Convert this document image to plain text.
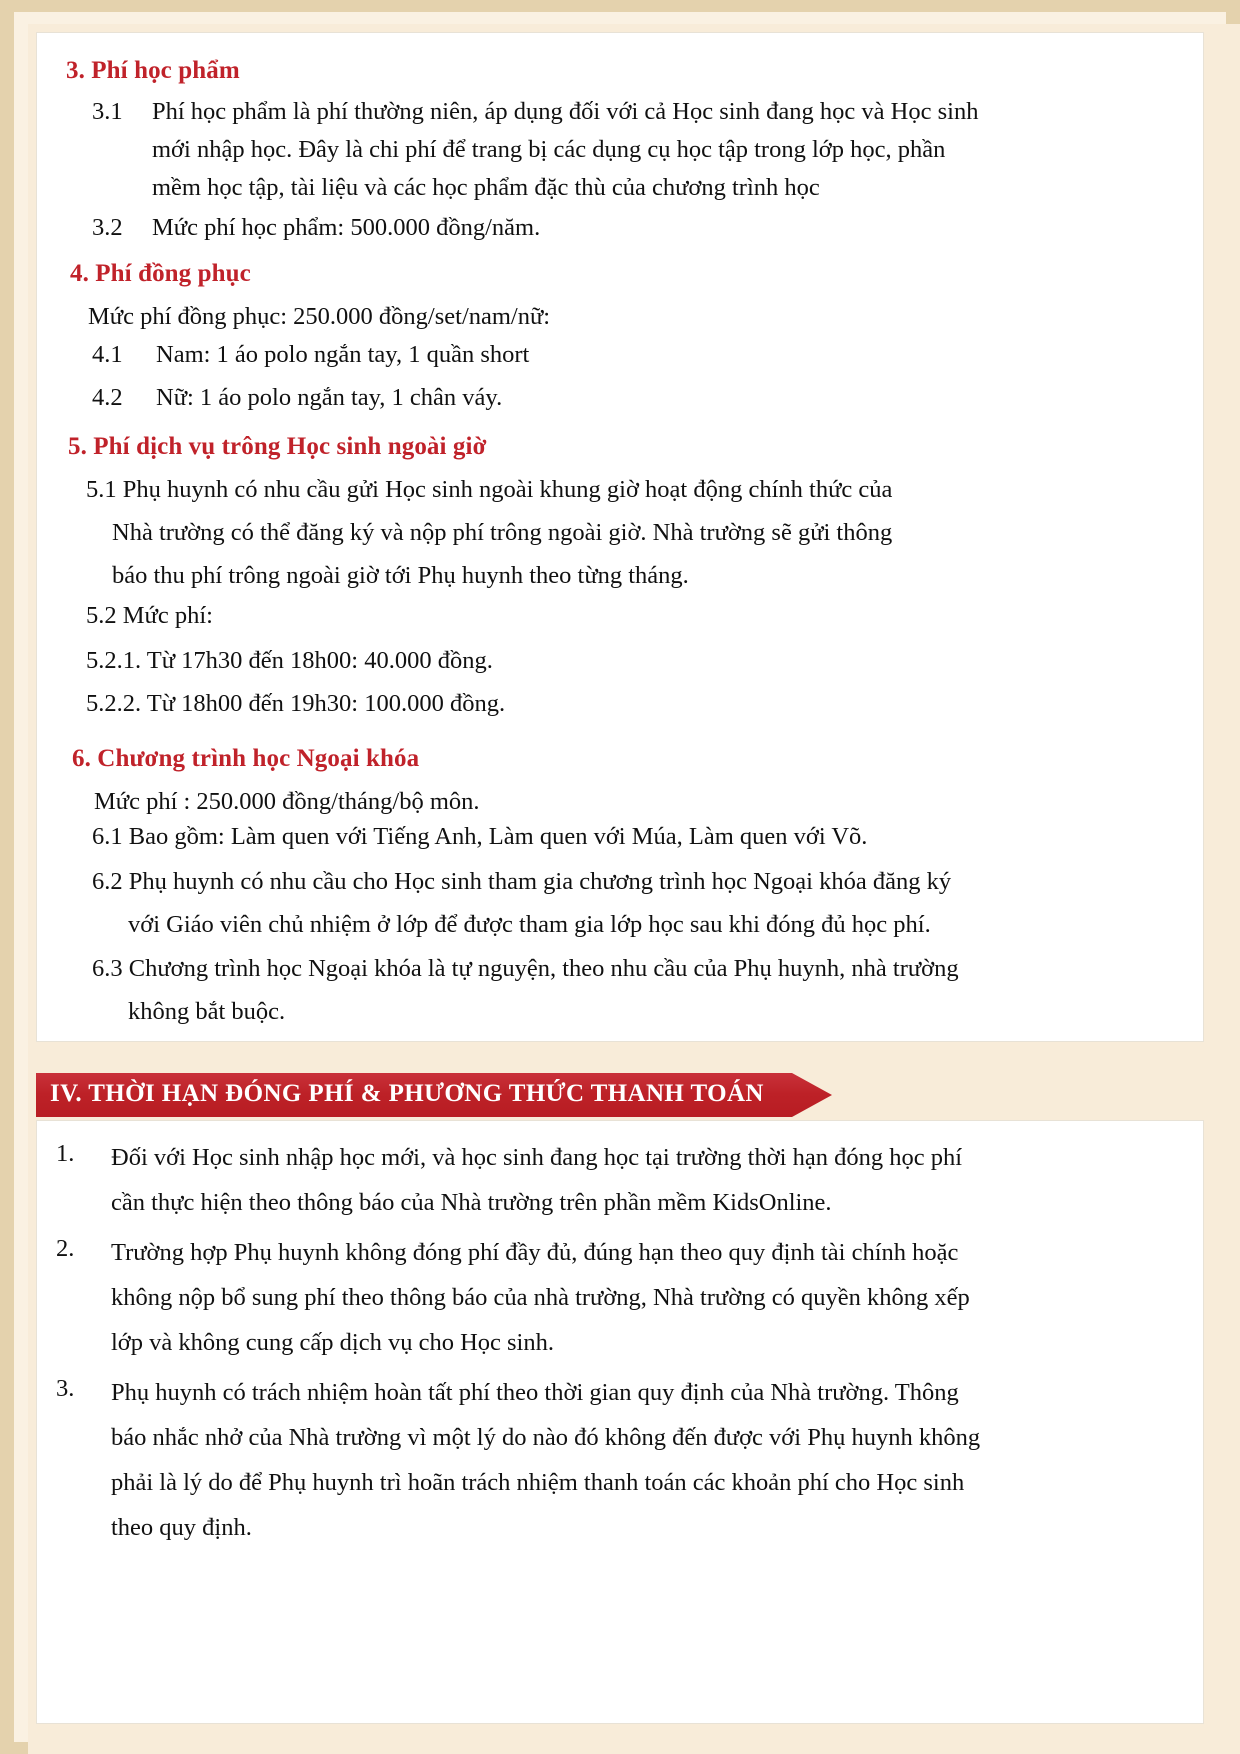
3. Phí học phẩm
3.1 Phí học phẩm là phí thường niên, áp dụng đối với cả Học sinh đang học và Học sinh
mới nhập học. Đây là chi phí để trang bị các dụng cụ học tập trong lớp học, phần
mềm học tập, tài liệu và các học phẩm đặc thù của chương trình học
3.2 Mức phí học phẩm: 500.000 đồng/năm.
4. Phí đồng phục
Mức phí đồng phục: 250.000 đồng/set/nam/nữ:
4.1 Nam: 1 áo polo ngắn tay, 1 quần short
4.2 Nữ: 1 áo polo ngắn tay, 1 chân váy.
5. Phí dịch vụ trông Học sinh ngoài giờ
5.1 Phụ huynh có nhu cầu gửi Học sinh ngoài khung giờ hoạt động chính thức của
Nhà trường có thể đăng ký và nộp phí trông ngoài giờ. Nhà trường sẽ gửi thông
báo thu phí trông ngoài giờ tới Phụ huynh theo từng tháng.
5.2 Mức phí:
5.2.1. Từ 17h30 đến 18h00: 40.000 đồng.
5.2.2. Từ 18h00 đến 19h30: 100.000 đồng.
6. Chương trình học Ngoại khóa
Mức phí : 250.000 đồng/tháng/bộ môn.
6.1 Bao gồm: Làm quen với Tiếng Anh, Làm quen với Múa, Làm quen với Võ.
6.2 Phụ huynh có nhu cầu cho Học sinh tham gia chương trình học Ngoại khóa đăng ký
với Giáo viên chủ nhiệm ở lớp để được tham gia lớp học sau khi đóng đủ học phí.
6.3 Chương trình học Ngoại khóa là tự nguyện, theo nhu cầu của Phụ huynh, nhà trường
không bắt buộc.
IV. THỜI HẠN ĐÓNG PHÍ & PHƯƠNG THỨC THANH TOÁN
1. Đối với Học sinh nhập học mới, và học sinh đang học tại trường thời hạn đóng học phí
cần thực hiện theo thông báo của Nhà trường trên phần mềm KidsOnline.
2. Trường hợp Phụ huynh không đóng phí đầy đủ, đúng hạn theo quy định tài chính hoặc
không nộp bổ sung phí theo thông báo của nhà trường, Nhà trường có quyền không xếp
lớp và không cung cấp dịch vụ cho Học sinh.
3. Phụ huynh có trách nhiệm hoàn tất phí theo thời gian quy định của Nhà trường. Thông
báo nhắc nhở của Nhà trường vì một lý do nào đó không đến được với Phụ huynh không
phải là lý do để Phụ huynh trì hoãn trách nhiệm thanh toán các khoản phí cho Học sinh
theo quy định.
